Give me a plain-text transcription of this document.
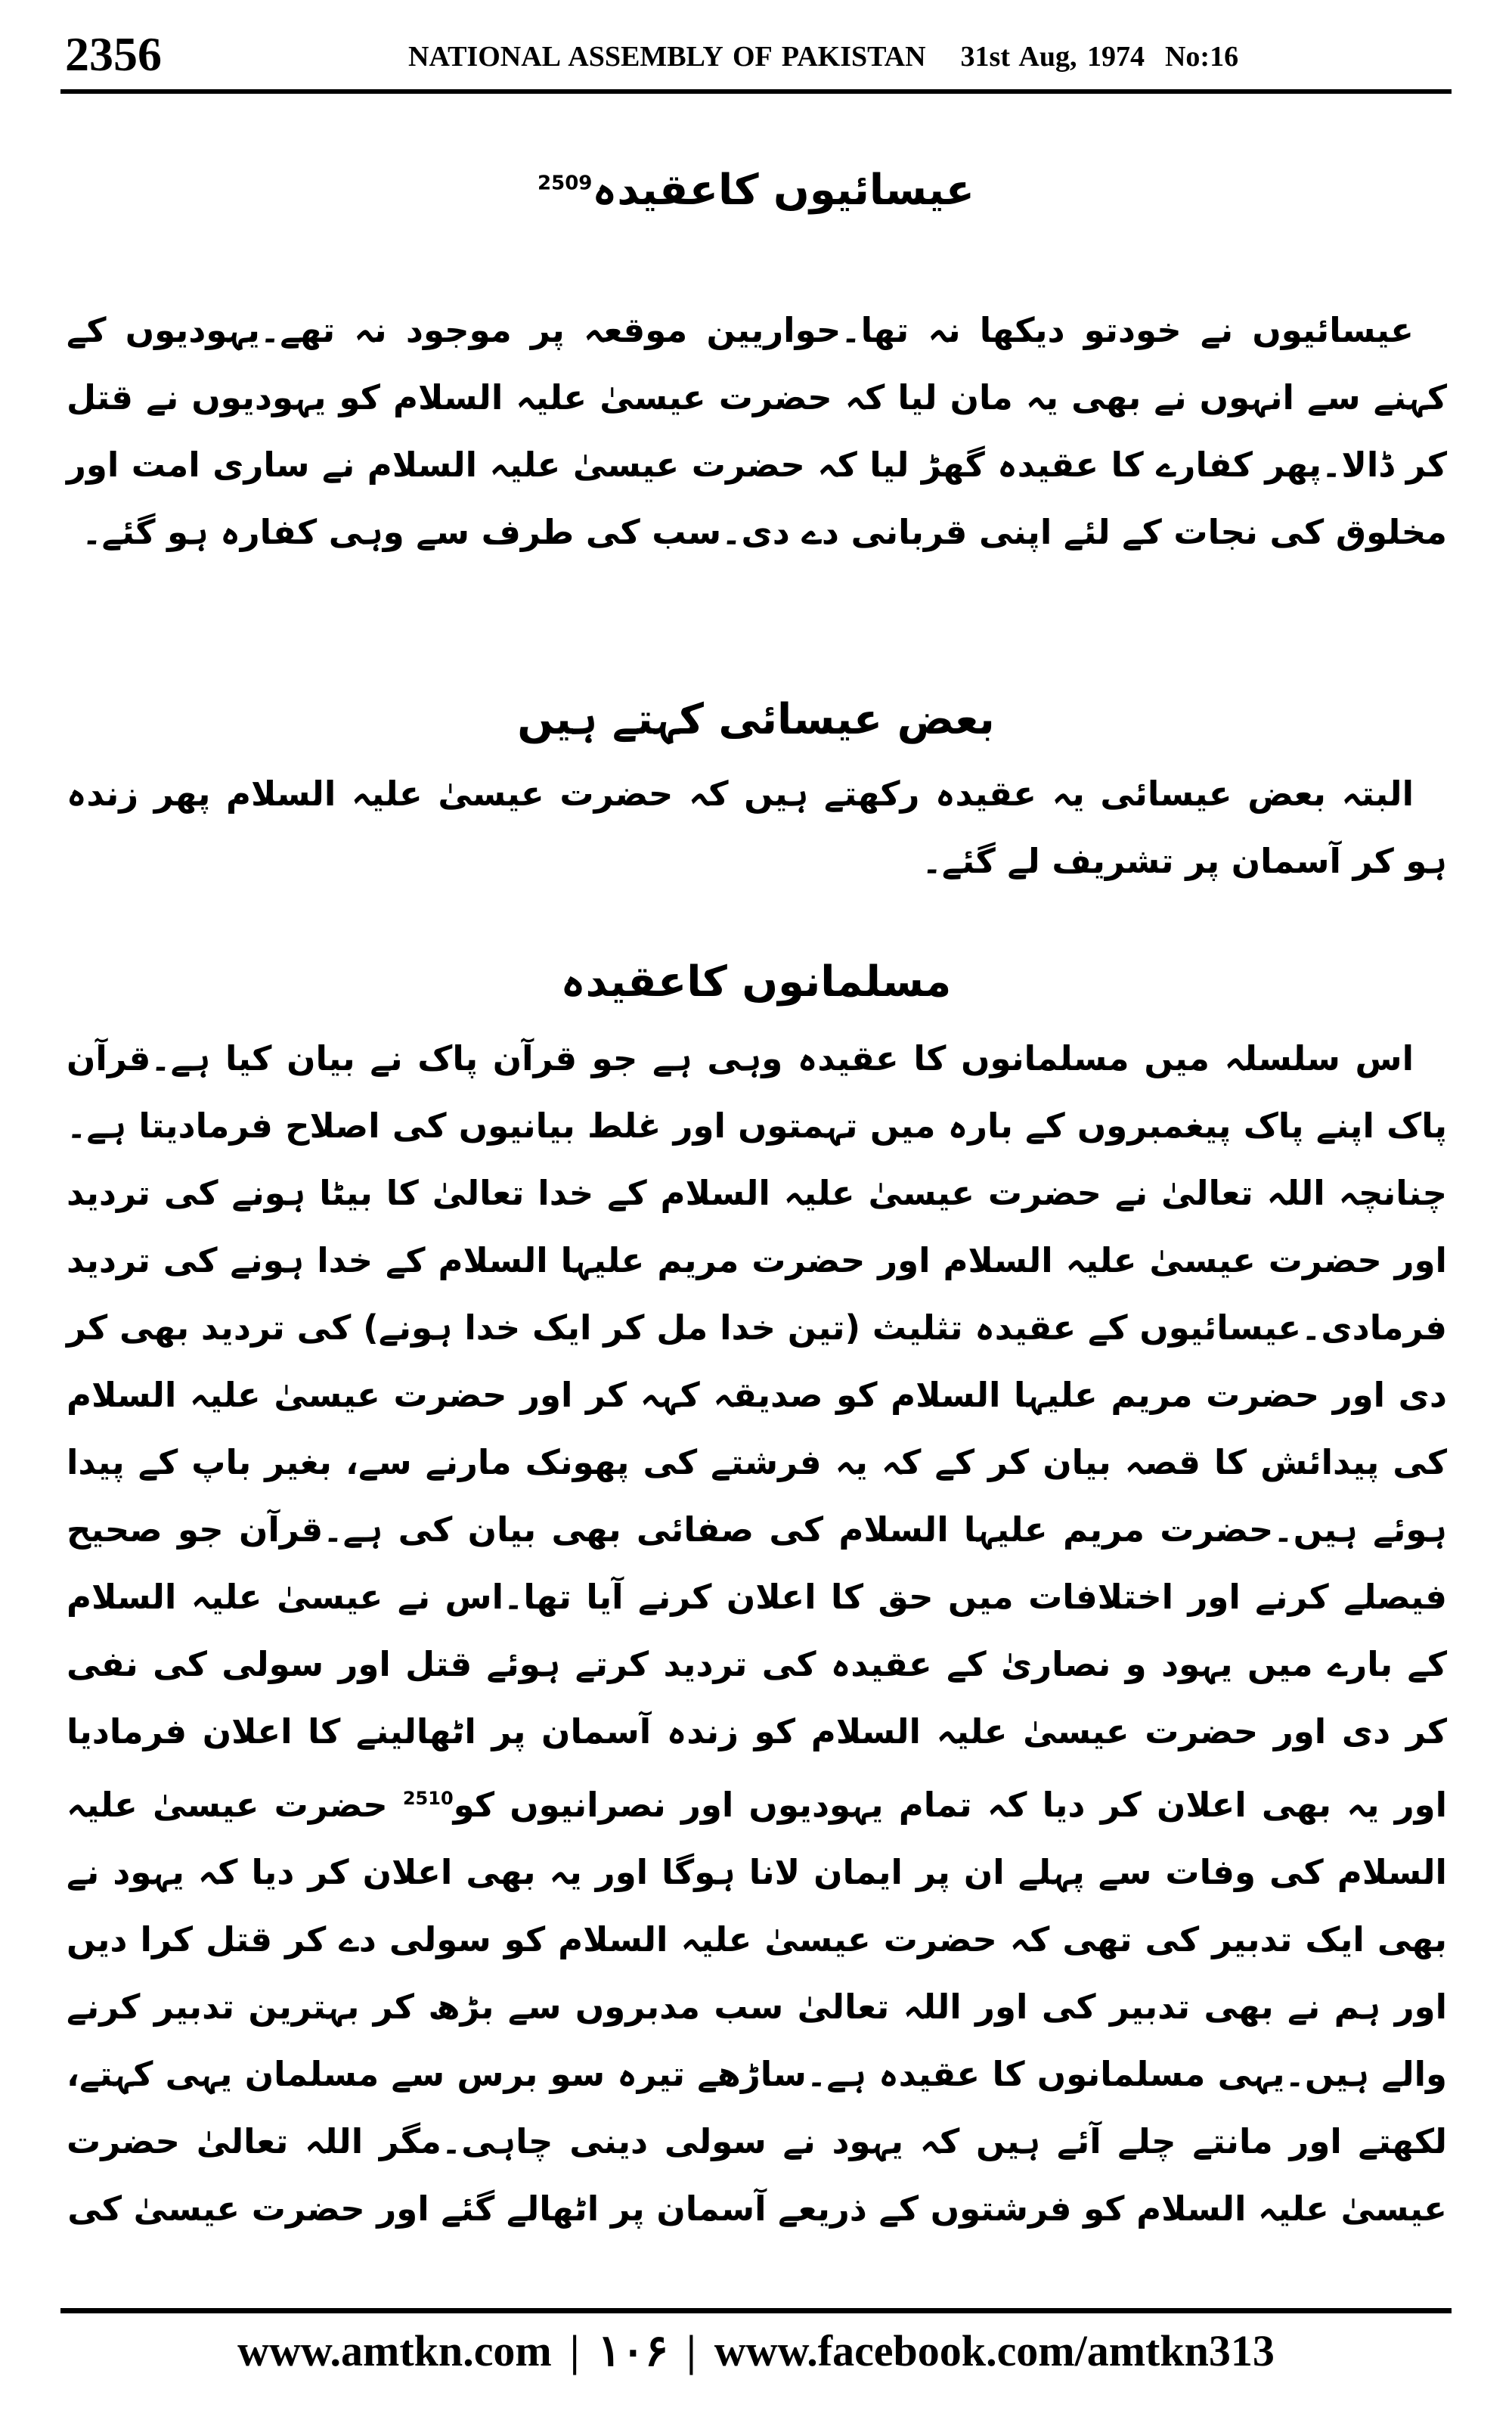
2356	NATIONAL ASSEMBLY OF PAKISTAN 31st Aug, 1974 No:16
عیسائیوں کاعقیدہ$^{2509}$

عیسائیوں نے خودتو دیکھا نہ تھا۔حواریین موقعہ پر موجود نہ تھے۔یہودیوں کے کہنے سے انہوں نے بھی یہ مان لیا کہ حضرت عیسیٰ علیہ السلام کو یہودیوں نے قتل کر ڈالا۔پھر کفارے کا عقیدہ گھڑ لیا کہ حضرت عیسیٰ علیہ السلام نے ساری امت اور مخلوق کی نجات کے لئے اپنی قربانی دے دی۔سب کی طرف سے وہی کفارہ ہو گئے۔

بعض عیسائی کہتے ہیں

البتہ بعض عیسائی یہ عقیدہ رکھتے ہیں کہ حضرت عیسیٰ علیہ السلام پھر زندہ ہو کر آسمان پر تشریف لے گئے۔

مسلمانوں کاعقیدہ

اس سلسلہ میں مسلمانوں کا عقیدہ وہی ہے جو قرآن پاک نے بیان کیا ہے۔قرآن پاک اپنے پاک پیغمبروں کے بارہ میں تہمتوں اور غلط بیانیوں کی اصلاح فرمادیتا ہے۔چنانچہ اللہ تعالیٰ نے حضرت عیسیٰ علیہ السلام کے خدا تعالیٰ کا بیٹا ہونے کی تردید اور حضرت عیسیٰ علیہ السلام اور حضرت مریم علیہا السلام کے خدا ہونے کی تردید فرمادی۔عیسائیوں کے عقیدہ تثلیث (تین خدا مل کر ایک خدا ہونے) کی تردید بھی کر دی اور حضرت مریم علیہا السلام کو صدیقہ کہہ کر اور حضرت عیسیٰ علیہ السلام کی پیدائش کا قصہ بیان کر کے کہ یہ فرشتے کی پھونک مارنے سے، بغیر باپ کے پیدا ہوئے ہیں۔حضرت مریم علیہا السلام کی صفائی بھی بیان کی ہے۔قرآن جو صحیح فیصلے کرنے اور اختلافات میں حق کا اعلان کرنے آیا تھا۔اس نے عیسیٰ علیہ السلام کے بارے میں یہود و نصاریٰ کے عقیدہ کی تردید کرتے ہوئے قتل اور سولی کی نفی کر دی اور حضرت عیسیٰ علیہ السلام کو زندہ آسمان پر اٹھالینے کا اعلان فرمادیا اور یہ بھی اعلان کر دیا کہ تمام یہودیوں اور نصرانیوں کو$^{2510}$ حضرت عیسیٰ علیہ السلام کی وفات سے پہلے ان پر ایمان لانا ہوگا اور یہ بھی اعلان کر دیا کہ یہود نے بھی ایک تدبیر کی تھی کہ حضرت عیسیٰ علیہ السلام کو سولی دے کر قتل کرا دیں اور ہم نے بھی تدبیر کی اور اللہ تعالیٰ سب مدبروں سے بڑھ کر بہترین تدبیر کرنے والے ہیں۔یہی مسلمانوں کا عقیدہ ہے۔ساڑھے تیرہ سو برس سے مسلمان یہی کہتے، لکھتے اور مانتے چلے آئے ہیں کہ یہود نے سولی دینی چاہی۔مگر اللہ تعالیٰ حضرت عیسیٰ علیہ السلام کو فرشتوں کے ذریعے آسمان پر اٹھالے گئے اور حضرت عیسیٰ کی

www.amtkn.com | ۱۰۶ | www.facebook.com/amtkn313
